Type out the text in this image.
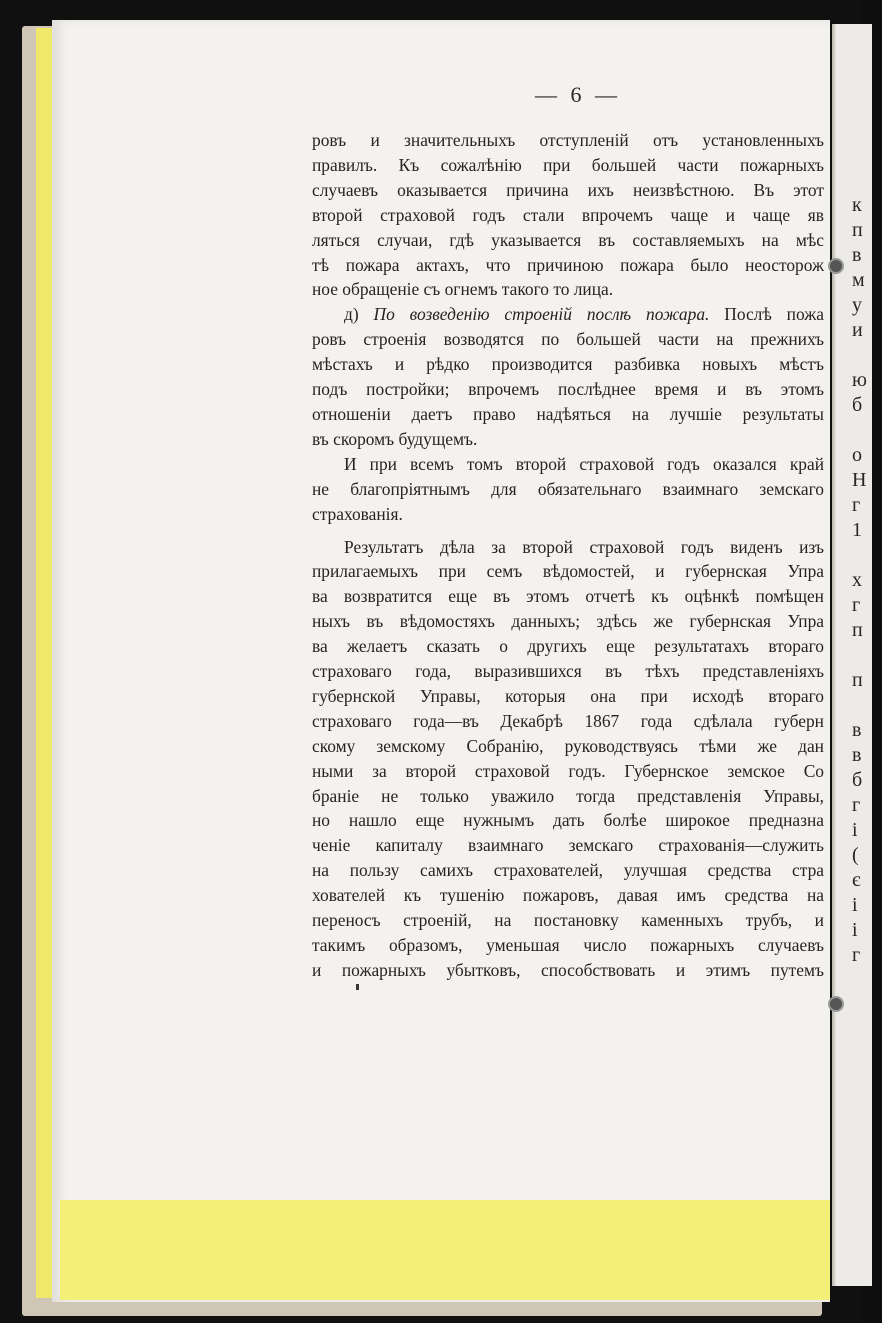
к
п
в
м
у
и
ю
б
о
Н
г
1
х
г
п
п
в
в
б
г
і
(
є
і
і
г
— 6 —
ровъ и значительныхъ отступленій отъ установленныхъ
правилъ. Къ сожалѣнію при большей части пожарныхъ
случаевъ оказывается причина ихъ неизвѣстною. Въ этот
второй страховой годъ стали впрочемъ чаще и чаще яв
ляться случаи, гдѣ указывается въ составляемыхъ на мѣс
тѣ пожара актахъ, что причиною пожара было неосторож
ное обращеніе съ огнемъ такого то лица.
д) По возведенію строеній послѣ пожара. Послѣ пожа
ровъ строенія возводятся по большей части на прежнихъ
мѣстахъ и рѣдко производится разбивка новыхъ мѣстъ
подъ постройки; впрочемъ послѣднее время и въ этомъ
отношеніи даетъ право надѣяться на лучшіе результаты
въ скоромъ будущемъ.
И при всемъ томъ второй страховой годъ оказался край
не благопріятнымъ для обязательнаго взаимнаго земскаго
страхованія.
Результатъ дѣла за второй страховой годъ виденъ изъ
прилагаемыхъ при семъ вѣдомостей, и губернская Упра
ва возвратится еще въ этомъ отчетѣ къ оцѣнкѣ помѣщен
ныхъ въ вѣдомостяхъ данныхъ; здѣсь же губернская Упра
ва желаетъ сказать о другихъ еще результатахъ втораго
страховаго года, выразившихся въ тѣхъ представленіяхъ
губернской Управы, которыя она при исходѣ втораго
страховаго года—въ Декабрѣ 1867 года сдѣлала губерн
скому земскому Собранію, руководствуясь тѣми же дан
ными за второй страховой годъ. Губернское земское Со
браніе не только уважило тогда представленія Управы,
но нашло еще нужнымъ дать болѣе широкое предназна
ченіе капиталу взаимнаго земскаго страхованія—служить
на пользу самихъ страхователей, улучшая средства стра
хователей къ тушенію пожаровъ, давая имъ средства на
переносъ строеній, на постановку каменныхъ трубъ, и
такимъ образомъ, уменьшая число пожарныхъ случаевъ
и пожарныхъ убытковъ, способствовать и этимъ путемъ
